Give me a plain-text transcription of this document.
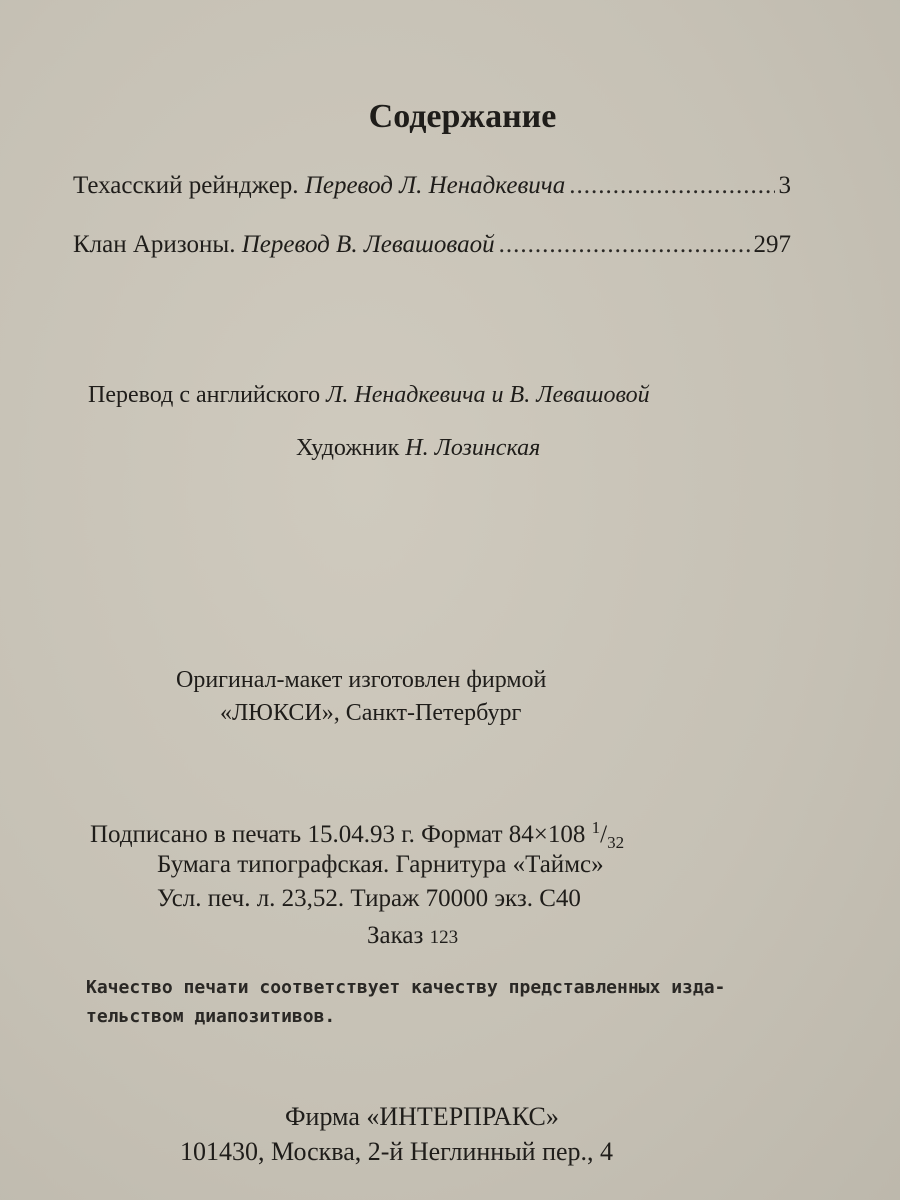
Содержание
Техасский рейнджер.
Перевод Л. Ненадкевича .....	3
Клан Аризоны.
Перевод В. Левашоваой .....	297
Перевод с английского Л. Ненадкевича и В. Левашовой
Художник Н. Лозинская
Оригинал-макет изготовлен фирмой
«ЛЮКСИ», Санкт-Петербург
Подписано в печать 15.04.93 г. Формат 84×108 $^1/_{32}$
Бумага типографская. Гарнитура «Таймс»
Усл. печ. л. 23,52. Тираж 70000 экз. С40
Заказ 123
Качество печати соответствует качеству представленных изда-
тельством диапозитивов.
Фирма «ИНТЕРПРАКС»
101430, Москва, 2-й Неглинный пер., 4
